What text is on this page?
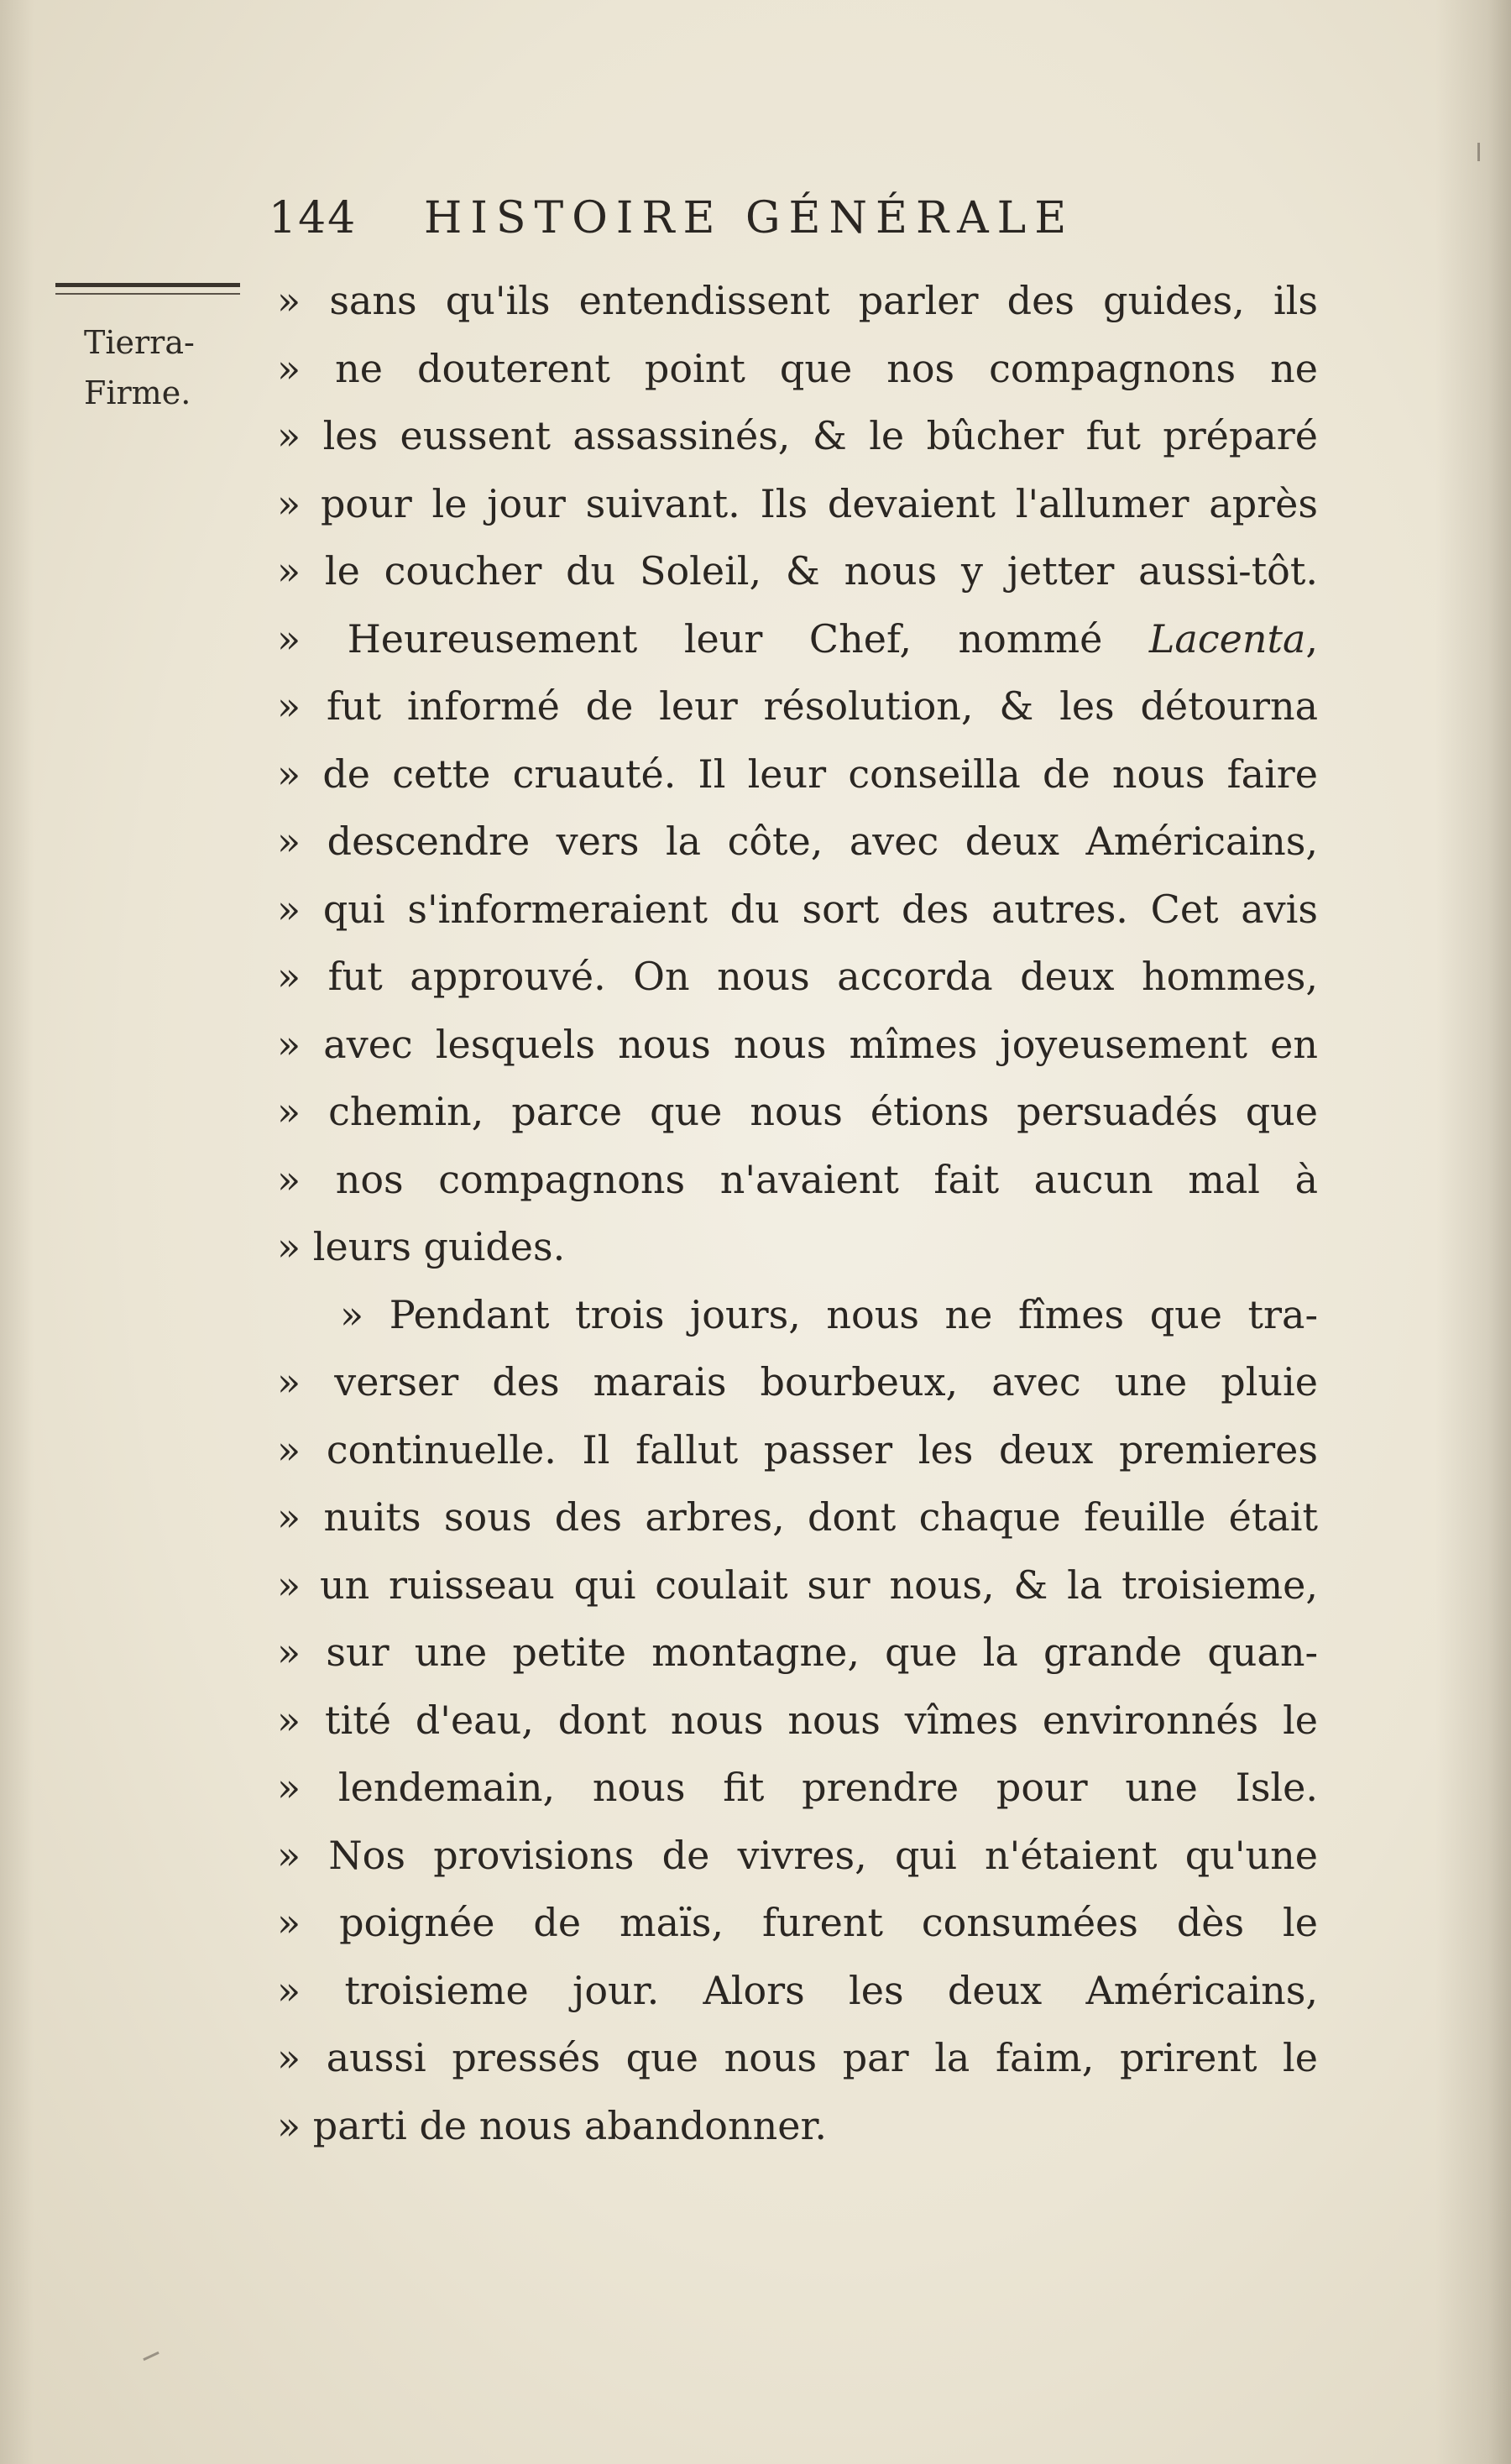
144 HISTOIRE GÉNÉRALE
Tierra-
Firme.
» sans qu'ils entendissent parler des guides, ils
» ne douterent point que nos compagnons ne
» les eussent assassinés, & le bûcher fut préparé
» pour le jour suivant. Ils devaient l'allumer après
» le coucher du Soleil, & nous y jetter aussi-tôt.
» Heureusement leur Chef, nommé Lacenta,
» fut informé de leur résolution, & les détourna
» de cette cruauté. Il leur conseilla de nous faire
» descendre vers la côte, avec deux Américains,
» qui s'informeraient du sort des autres. Cet avis
» fut approuvé. On nous accorda deux hommes,
» avec lesquels nous nous mîmes joyeusement en
» chemin, parce que nous étions persuadés que
» nos compagnons n'avaient fait aucun mal à
» leurs guides.
» Pendant trois jours, nous ne fîmes que tra-
» verser des marais bourbeux, avec une pluie
» continuelle. Il fallut passer les deux premieres
» nuits sous des arbres, dont chaque feuille était
» un ruisseau qui coulait sur nous, & la troisieme,
» sur une petite montagne, que la grande quan-
» tité d'eau, dont nous nous vîmes environnés le
» lendemain, nous fit prendre pour une Isle.
» Nos provisions de vivres, qui n'étaient qu'une
» poignée de maïs, furent consumées dès le
» troisieme jour. Alors les deux Américains,
» aussi pressés que nous par la faim, prirent le
» parti de nous abandonner.
